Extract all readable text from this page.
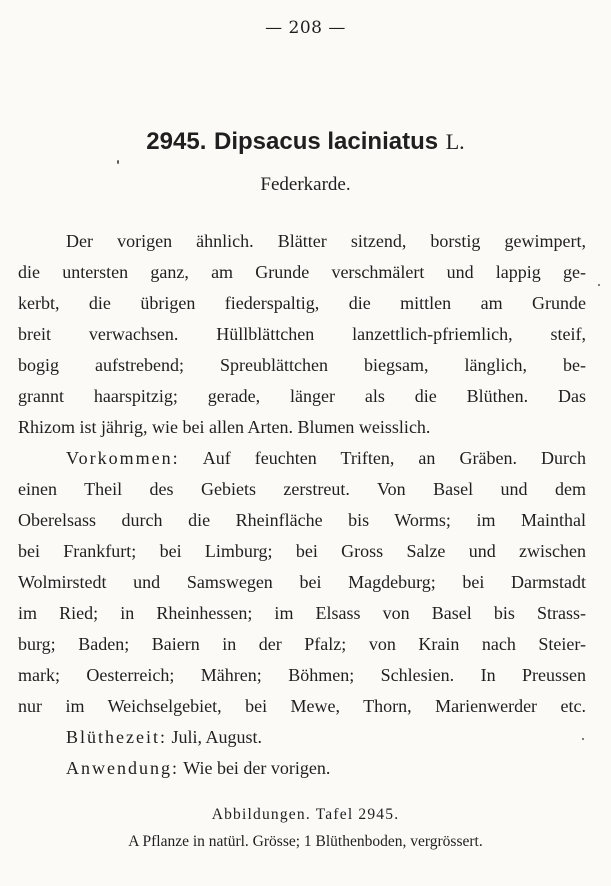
— 208 —
2945. Dipsacus laciniatus L.
Federkarde.
Der vorigen ähnlich. Blätter sitzend, borstig gewimpert,
die untersten ganz, am Grunde verschmälert und lappig ge-
kerbt, die übrigen fiederspaltig, die mittlen am Grunde
breit verwachsen. Hüllblättchen lanzettlich-pfriemlich, steif,
bogig aufstrebend; Spreublättchen biegsam, länglich, be-
grannt haarspitzig; gerade, länger als die Blüthen. Das
Rhizom ist jährig, wie bei allen Arten. Blumen weisslich.
Vorkommen: Auf feuchten Triften, an Gräben. Durch
einen Theil des Gebiets zerstreut. Von Basel und dem
Oberelsass durch die Rheinfläche bis Worms; im Mainthal
bei Frankfurt; bei Limburg; bei Gross Salze und zwischen
Wolmirstedt und Samswegen bei Magdeburg; bei Darmstadt
im Ried; in Rheinhessen; im Elsass von Basel bis Strass-
burg; Baden; Baiern in der Pfalz; von Krain nach Steier-
mark; Oesterreich; Mähren; Böhmen; Schlesien. In Preussen
nur im Weichselgebiet, bei Mewe, Thorn, Marienwerder etc.
Blüthezeit: Juli, August.
Anwendung: Wie bei der vorigen.
Abbildungen. Tafel 2945.
A Pflanze in natürl. Grösse; 1 Blüthenboden, vergrössert.
